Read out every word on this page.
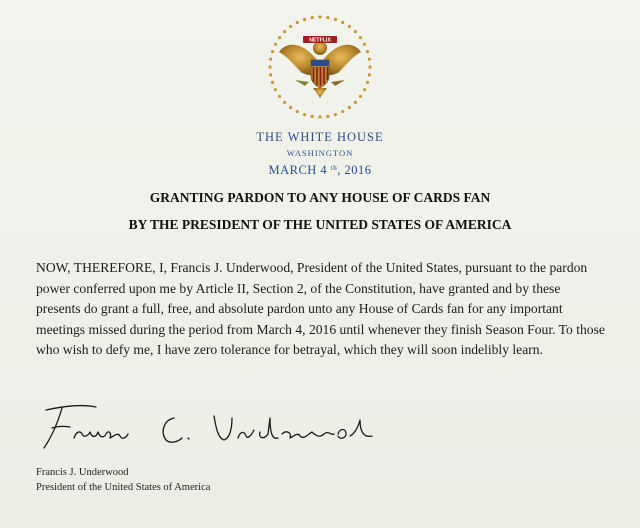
NETFLIX
THE WHITE HOUSE
WASHINGTON
MARCH 4 $^{th}$, 2016
GRANTING PARDON TO ANY HOUSE OF CARDS FAN
BY THE PRESIDENT OF THE UNITED STATES OF AMERICA
NOW, THEREFORE, I, Francis J. Underwood, President of the United States, pursuant to the pardon power conferred upon me by Article II, Section 2, of the Constitution, have granted and by these presents do grant a full, free, and absolute pardon unto any House of Cards fan for any important meetings missed during the period from March 4, 2016 until whenever they finish Season Four. To those who wish to defy me, I have zero tolerance for betrayal, which they will soon indelibly learn.
Francis J. Underwood
President of the United States of America
